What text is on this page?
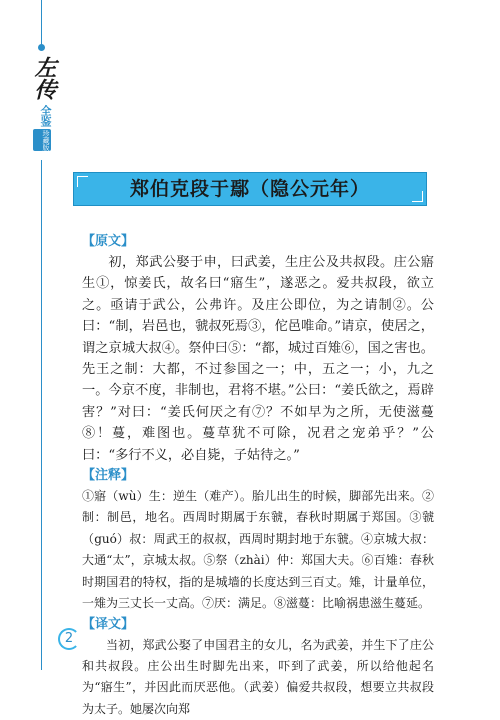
左传
全鉴
珍藏版
郑伯克段于鄢（隐公元年）

【原文】

初，郑武公娶于申，曰武姜，生庄公及共叔段。庄公寤生①，惊姜氏，故名曰“寤生”，遂恶之。爱共叔段，欲立之。亟请于武公，公弗许。及庄公即位，为之请制②。公曰：“制，岩邑也，虢叔死焉③，佗邑唯命。”请京，使居之，谓之京城大叔④。祭仲曰⑤：“都，城过百雉⑥，国之害也。先王之制：大都，不过参国之一；中，五之一；小，九之一。今京不度，非制也，君将不堪。”公曰：“姜氏欲之，焉辟害？”对曰：“姜氏何厌之有⑦？不如早为之所，无使滋蔓⑧！蔓，难图也。蔓草犹不可除，况君之宠弟乎？”公曰：“多行不义，必自毙，子姑待之。”

【注释】

①寤（wù）生：逆生（难产）。胎儿出生的时候，脚部先出来。②制：制邑，地名。西周时期属于东虢，春秋时期属于郑国。③虢（guó）叔：周武王的叔叔，西周时期封地于东虢。④京城大叔：大通“太”，京城太叔。⑤祭（zhài）仲：郑国大夫。⑥百雉：春秋时期国君的特权，指的是城墙的长度达到三百丈。雉，计量单位，一雉为三丈长一丈高。⑦厌：满足。⑧滋蔓：比喻祸患滋生蔓延。

【译文】

当初，郑武公娶了申国君主的女儿，名为武姜，并生下了庄公和共叔段。庄公出生时脚先出来，吓到了武姜，所以给他起名为“寤生”，并因此而厌恶他。（武姜）偏爱共叔段，想要立共叔段为太子。她屡次向郑

2
